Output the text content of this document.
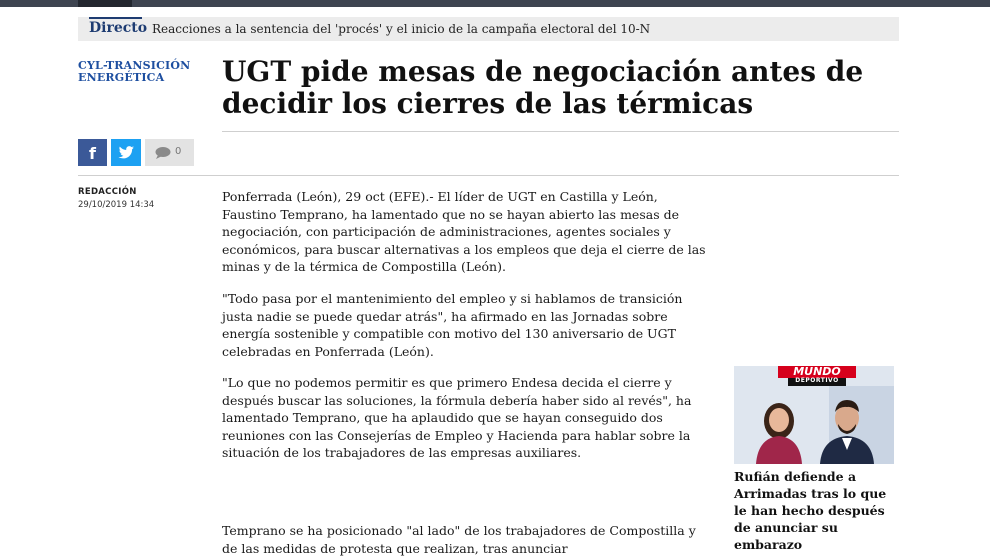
Directo Reacciones a la sentencia del 'procés' y el inicio de la campaña electoral del 10-N
CYL-TRANSICIÓN ENERGÉTICA	UGT pide mesas de negociación antes de decidir los cierres de las térmicas
f	0
REDACCIÓN
29/10/2019 14:34

Ponferrada (León), 29 oct (EFE).- El líder de UGT en Castilla y León, Faustino Temprano, ha lamentado que no se hayan abierto las mesas de negociación, con participación de administraciones, agentes sociales y económicos, para buscar alternativas a los empleos que deja el cierre de las minas y de la térmica de Compostilla (León).

"Todo pasa por el mantenimiento del empleo y si hablamos de transición justa nadie se puede quedar atrás", ha afirmado en las Jornadas sobre energía sostenible y compatible con motivo del 130 aniversario de UGT celebradas en Ponferrada (León).

"Lo que no podemos permitir es que primero Endesa decida el cierre y después buscar las soluciones, la fórmula debería haber sido al revés", ha lamentado Temprano, que ha aplaudido que se hayan conseguido dos reuniones con las Consejerías de Empleo y Hacienda para hablar sobre la situación de los trabajadores de las empresas auxiliares.

Temprano se ha posicionado "al lado" de los trabajadores de Compostilla y de las medidas de protesta que realizan, tras anunciar

MUNDO
DEPORTIVO
Rufián defiende a Arrimadas tras lo que le han hecho después de anunciar su embarazo
